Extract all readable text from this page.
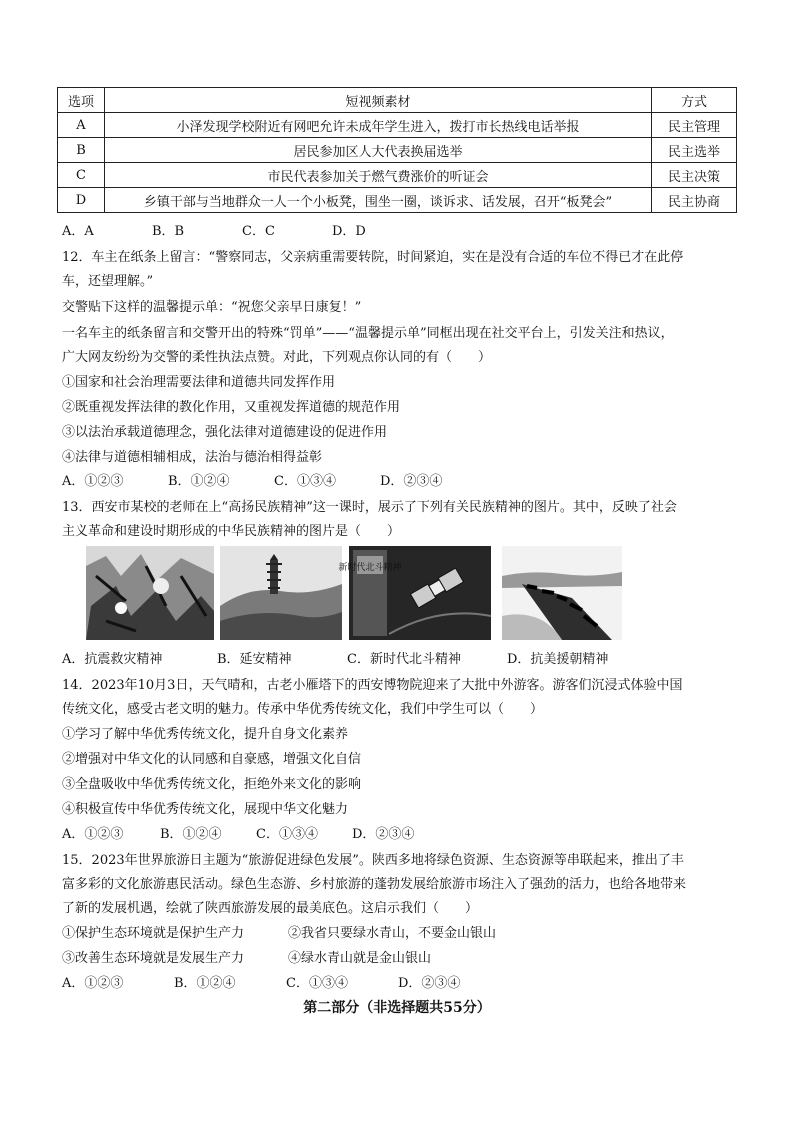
选项	短视频素材	方式
A	小泽发现学校附近有网吧允许未成年学生进入，拨打市长热线电话举报	民主管理
B	居民参加区人大代表换届选举	民主选举
C	市民代表参加关于燃气费涨价的听证会	民主决策
D	乡镇干部与当地群众一人一个小板凳，围坐一圈，谈诉求、话发展，召开“板凳会”	民主协商
A．A	B．B	C．C	D．D
12．车主在纸条上留言：“警察同志，父亲病重需要转院，时间紧迫，实在是没有合适的车位不得已才在此停
车，还望理解。”
交警贴下这样的温馨提示单：“祝您父亲早日康复！”
一名车主的纸条留言和交警开出的特殊“罚单”——“温馨提示单”同框出现在社交平台上，引发关注和热议，
广大网友纷纷为交警的柔性执法点赞。对此，下列观点你认同的有（　　）
①国家和社会治理需要法律和道德共同发挥作用
②既重视发挥法律的教化作用，又重视发挥道德的规范作用
③以法治承载道德理念，强化法律对道德建设的促进作用
④法律与道德相辅相成，法治与德治相得益彰
A．①②③	B．①②④	C．①③④	D．②③④
13．西安市某校的老师在上“高扬民族精神”这一课时，展示了下列有关民族精神的图片。其中，反映了社会
主义革命和建设时期形成的中华民族精神的图片是（　　）
新时代北斗精神
A．抗震救灾精神	B．延安精神	C．新时代北斗精神	D．抗美援朝精神
14．2023年10月3日，天气晴和，古老小雁塔下的西安博物院迎来了大批中外游客。游客们沉浸式体验中国
传统文化，感受古老文明的魅力。传承中华优秀传统文化，我们中学生可以（　　）
①学习了解中华优秀传统文化，提升自身文化素养
②增强对中华文化的认同感和自豪感，增强文化自信
③全盘吸收中华优秀传统文化，拒绝外来文化的影响
④积极宣传中华优秀传统文化，展现中华文化魅力
A．①②③	B．①②④	C．①③④	D．②③④
15．2023年世界旅游日主题为“旅游促进绿色发展”。陕西多地将绿色资源、生态资源等串联起来，推出了丰
富多彩的文化旅游惠民活动。绿色生态游、乡村旅游的蓬勃发展给旅游市场注入了强劲的活力，也给各地带来
了新的发展机遇，绘就了陕西旅游发展的最美底色。这启示我们（　　）
①保护生态环境就是保护生产力	②我省只要绿水青山，不要金山银山
③改善生态环境就是发展生产力	④绿水青山就是金山银山
A．①②③	B．①②④	C．①③④	D．②③④
第二部分（非选择题共55分）
